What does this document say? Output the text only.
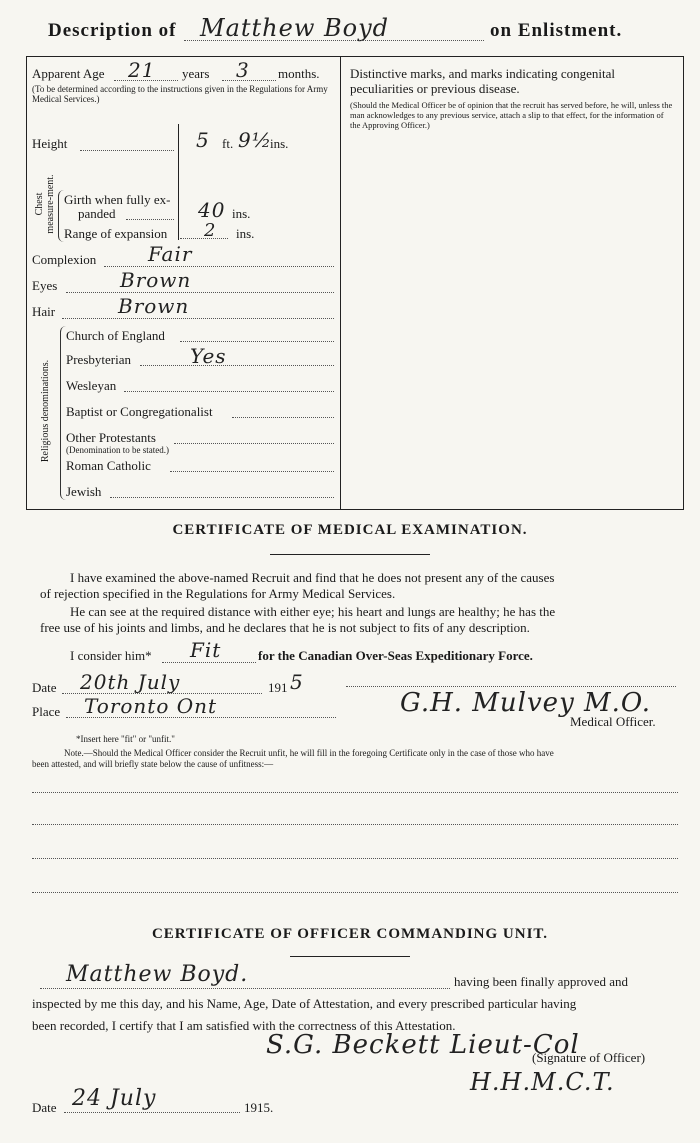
Description of Matthew Boyd	on Enlistment.
Apparent Age 21 years 3 months.
(To be determined according to the instructions given in the Regulations for Army Medical Services.)
Distinctive marks, and marks indicating congenital
peculiarities or previous disease.
(Should the Medical Officer be of opinion that the recruit has served before, he will, unless the man acknowledges to any previous service, attach a slip to that effect, for the information of the Approving Officer.)
Height	5 ft. 9½
ins.
Chest measure-ment. Girth when fully ex-
panded	40 ins.
Range of expansion 2 ins.
Complexion	Fair
Eyes	Brown
Hair	Brown
Religious denominations.
Church of England
Presbyterian	Yes
Wesleyan
Baptist or Congregationalist
Other Protestants
(Denomination to be stated.)
Roman Catholic
Jewish
CERTIFICATE OF MEDICAL EXAMINATION.
I have examined the above-named Recruit and find that he does not present any of the causes
of rejection specified in the Regulations for Army Medical Services.
He can see at the required distance with either eye; his heart and lungs are healthy; he has the
free use of his joints and limbs, and he declares that he is not subject to fits of any description.
I consider him* Fit	for the Canadian Over-Seas Expeditionary Force.
Date 20th July	191 5
Place Toronto Ont	G.H. Mulvey M.O.
Medical Officer.
*Insert here "fit" or "unfit."
Note.—Should the Medical Officer consider the Recruit unfit, he will fill in the foregoing Certificate only in the case of those who have
been attested, and will briefly state below the cause of unfitness:—
CERTIFICATE OF OFFICER COMMANDING UNIT.
Matthew Boyd.	having been finally approved and
inspected by me this day, and his Name, Age, Date of Attestation, and every prescribed particular having
been recorded, I certify that I am satisfied with the correctness of this Attestation.
S.G. Beckett Lieut-Col
(Signature of Officer)
H.H.M.C.T.
Date 24 July	1915.
